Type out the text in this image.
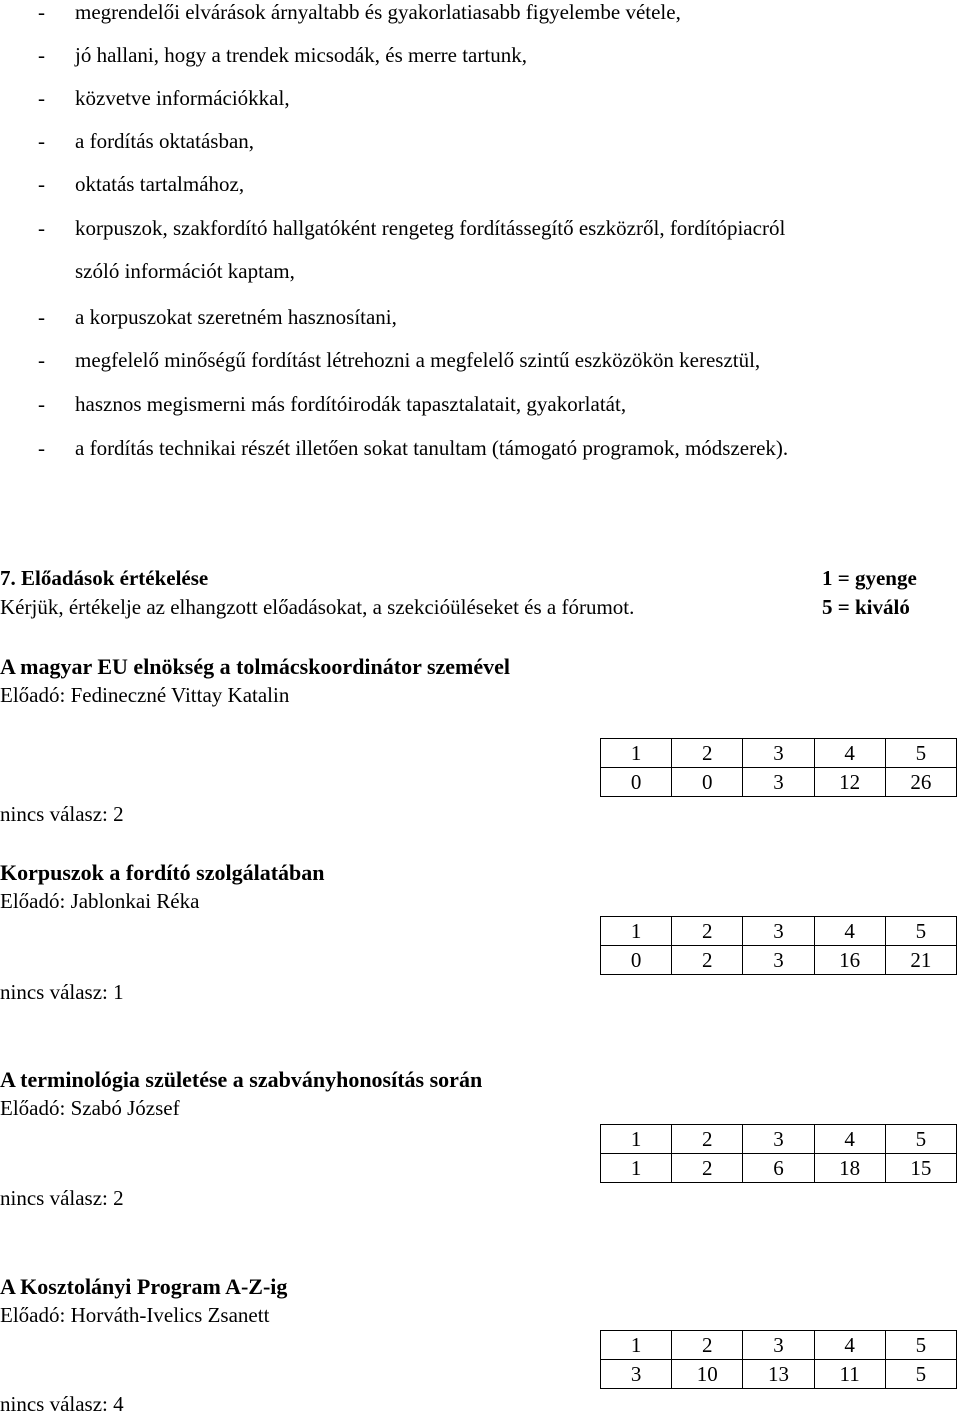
- megrendelői elvárások árnyaltabb és gyakorlatiasabb figyelembe vétele,
- jó hallani, hogy a trendek micsodák, és merre tartunk,
- közvetve információkkal,
- a fordítás oktatásban,
- oktatás tartalmához,
- korpuszok, szakfordító hallgatóként rengeteg fordítássegítő eszközről, fordítópiacról
szóló információt kaptam,
- a korpuszokat szeretném hasznosítani,
- megfelelő minőségű fordítást létrehozni a megfelelő szintű eszközökön keresztül,
- hasznos megismerni más fordítóirodák tapasztalatait, gyakorlatát,
- a fordítás technikai részét illetően sokat tanultam (támogató programok, módszerek).
7. Előadások értékelése
Kérjük, értékelje az elhangzott előadásokat, a szekcióüléseket és a fórumot.
1 = gyenge
5 = kiváló
A magyar EU elnökség a tolmácskoordinátor szemével
Előadó: Fedineczné Vittay Katalin
nincs válasz: 2
1	2	3	4	5
0	0	3	12	26
Korpuszok a fordító szolgálatában
Előadó: Jablonkai Réka
nincs válasz: 1
1	2	3	4	5
0	2	3	16	21
A terminológia születése a szabványhonosítás során
Előadó: Szabó József
nincs válasz: 2
1	2	3	4	5
1	2	6	18	15
A Kosztolányi Program A-Z-ig
Előadó: Horváth-Ivelics Zsanett
nincs válasz: 4
1	2	3	4	5
3	10	13	11	5
